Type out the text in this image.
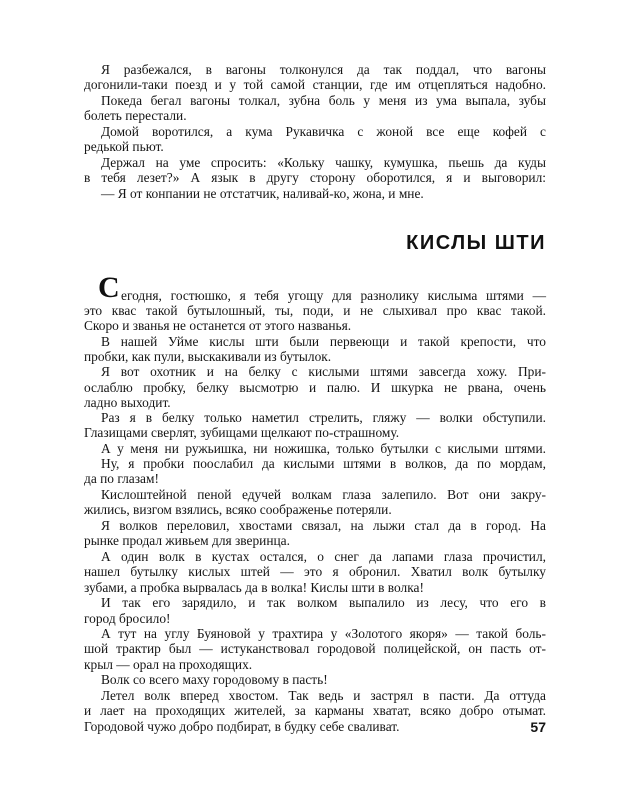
Я разбежался, в вагоны толконулся да так поддал, что вагоны
догонили-таки поезд и у той самой станции, где им отцепляться надобно.
Покеда бегал вагоны толкал, зубна боль у меня из ума выпала, зубы
болеть перестали.
Домой воротился, а кума Рукавичка с жоной все еще кофей с
редькой пьют.
Держал на уме спросить: «Кольку чашку, кумушка, пьешь да куды
в тебя лезет?» А язык в другу сторону оборотился, я и выговорил:
— Я от конпании не отстатчик, наливай-ко, жона, и мне.
КИСЛЫ ШТИ
С егодня, гостюшко, я тебя угощу для разнолику кислыма штями —
это квас такой бутылошный, ты, поди, и не слыхивал про квас такой.
Скоро и званья не останется от этого названья.
В нашей Уйме кислы шти были первеющи и такой крепости, что
пробки, как пули, выскакивали из бутылок.
Я вот охотник и на белку с кислыми штями завсегда хожу. При-
ослаблю пробку, белку высмотрю и палю. И шкурка не рвана, очень
ладно выходит.
Раз я в белку только наметил стрелить, гляжу — волки обступили.
Глазищами сверлят, зубищами щелкают по-страшному.
А у меня ни ружьишка, ни ножишка, только бутылки с кислыми штями.
Ну, я пробки поослабил да кислыми штями в волков, да по мордам,
да по глазам!
Кислоштейной пеной едучей волкам глаза залепило. Вот они закру-
жились, визгом взялись, всяко соображенье потеряли.
Я волков переловил, хвостами связал, на лыжи стал да в город. На
рынке продал живьем для зверинца.
А один волк в кустах остался, о снег да лапами глаза прочистил,
нашел бутылку кислых штей — это я обронил. Хватил волк бутылку
зубами, а пробка вырвалась да в волка! Кислы шти в волка!
И так его зарядило, и так волком выпалило из лесу, что его в
город бросило!
А тут на углу Буяновой у трахтира у «Золотого якоря» — такой боль-
шой трактир был — истуканствовал городовой полицейской, он пасть от-
крыл — орал на проходящих.
Волк со всего маху городовому в пасть!
Летел волк вперед хвостом. Так ведь и застрял в пасти. Да оттуда
и лает на проходящих жителей, за карманы хватат, всяко добро отымат.
Городовой чужо добро подбират, в будку себе сваливат.	57
